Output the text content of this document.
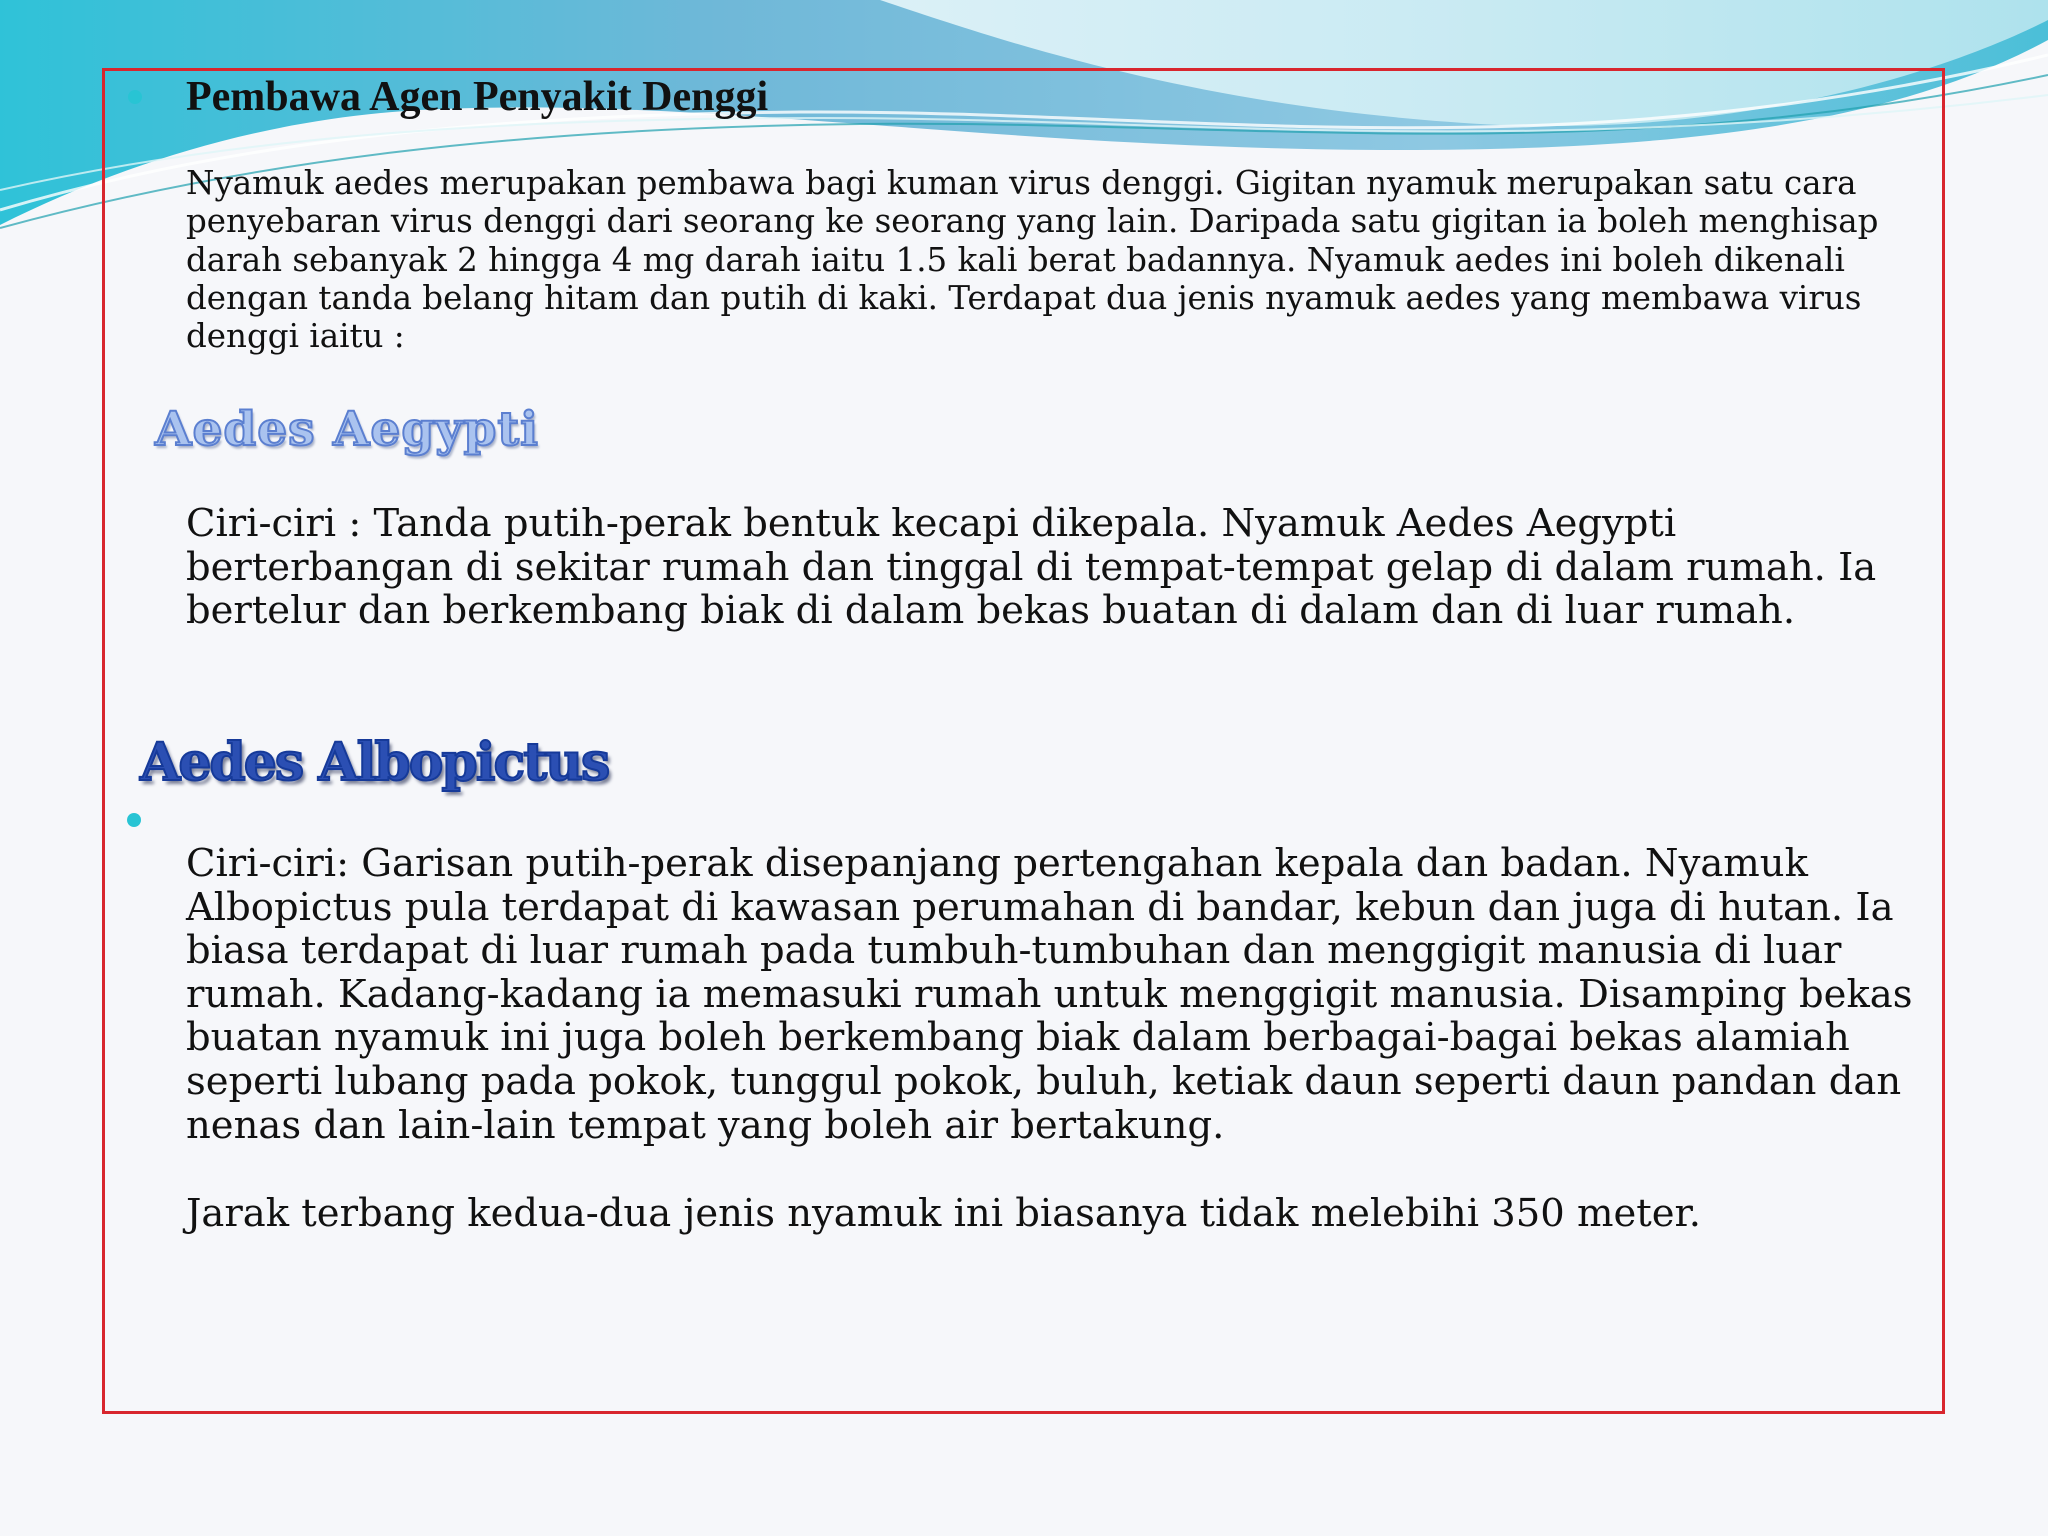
Pembawa Agen Penyakit Denggi

Nyamuk aedes merupakan pembawa bagi kuman virus denggi. Gigitan nyamuk merupakan satu cara penyebaran virus denggi dari seorang ke seorang yang lain. Daripada satu gigitan ia boleh menghisap darah sebanyak 2 hingga 4 mg darah iaitu 1.5 kali berat badannya. Nyamuk aedes ini boleh dikenali dengan tanda belang hitam dan putih di kaki. Terdapat dua jenis nyamuk aedes yang membawa virus denggi iaitu :

Aedes Aegypti

Ciri-ciri : Tanda putih-perak bentuk kecapi dikepala. Nyamuk Aedes Aegypti berterbangan di sekitar rumah dan tinggal di tempat-tempat gelap di dalam rumah. Ia bertelur dan berkembang biak di dalam bekas buatan di dalam dan di luar rumah.

Aedes Albopictus

Ciri-ciri: Garisan putih-perak disepanjang pertengahan kepala dan badan. Nyamuk Albopictus pula terdapat di kawasan perumahan di bandar, kebun dan juga di hutan. Ia biasa terdapat di luar rumah pada tumbuh-tumbuhan dan menggigit manusia di luar rumah. Kadang-kadang ia memasuki rumah untuk menggigit manusia. Disamping bekas buatan nyamuk ini juga boleh berkembang biak dalam berbagai-bagai bekas alamiah seperti lubang pada pokok, tunggul pokok, buluh, ketiak daun seperti daun pandan dan nenas dan lain-lain tempat yang boleh air bertakung.

Jarak terbang kedua-dua jenis nyamuk ini biasanya tidak melebihi 350 meter.
